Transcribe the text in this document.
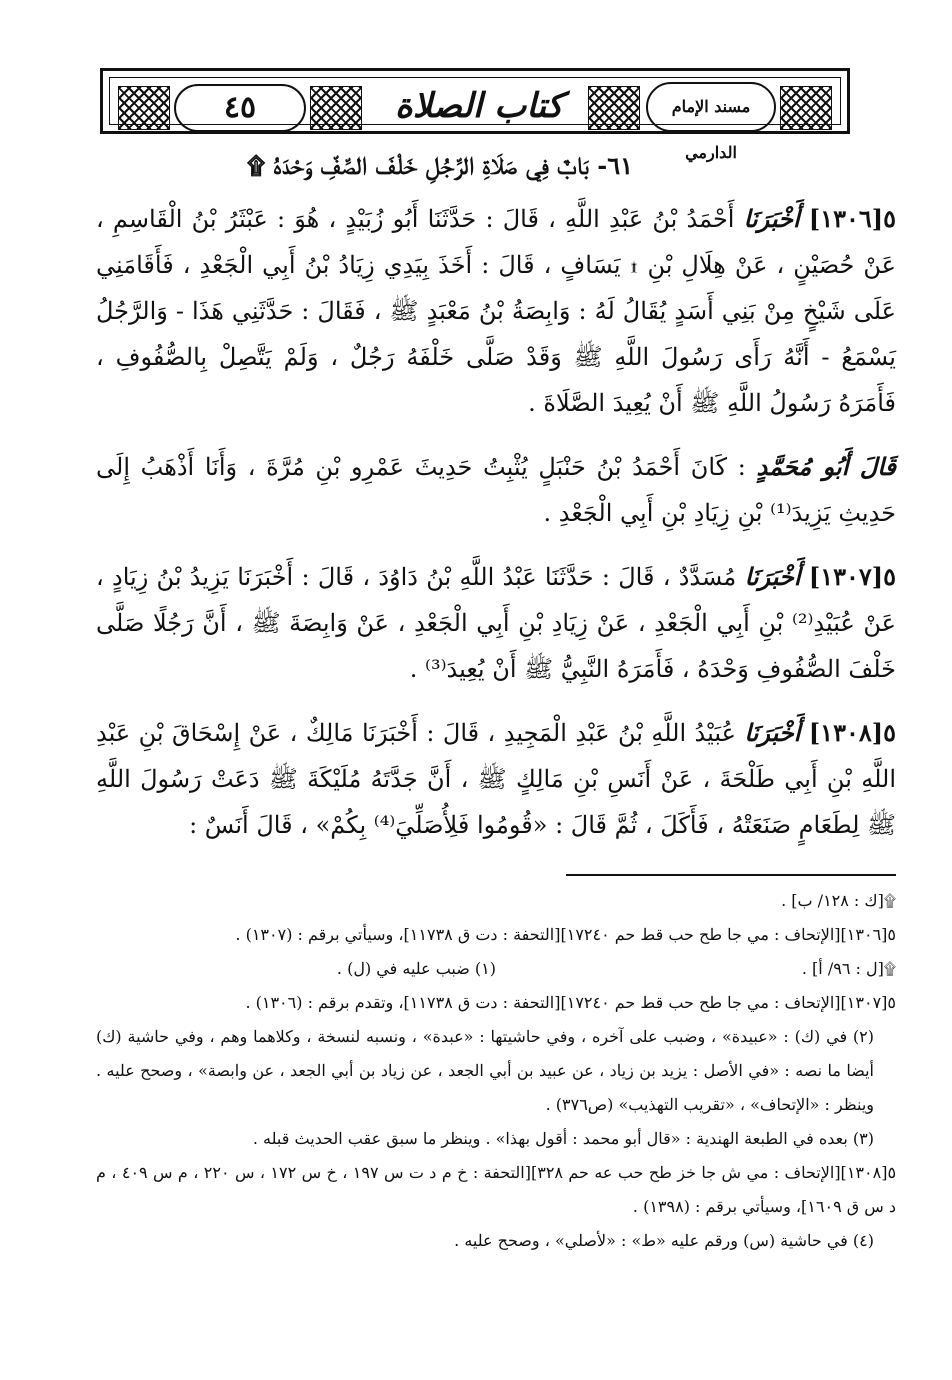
٤٥	كتاب الصلاة	مسند الإمام الدارمي
٦١- بَابٌ فِي صَلَاةِ الرَّجُلِ خَلْفَ الصَّفِّ وَحْدَهُ ۩

٥[١٣٠٦] أَخْبَرَنَا أَحْمَدُ بْنُ عَبْدِ اللَّهِ ، قَالَ : حَدَّثَنَا أَبُو زُبَيْدٍ ، هُوَ : عَبْثَرُ بْنُ الْقَاسِمِ ، عَنْ حُصَيْنٍ ، عَنْ هِلَالِ بْنِ ۩ يَسَافٍ ، قَالَ : أَخَذَ بِيَدِي زِيَادُ بْنُ أَبِي الْجَعْدِ ، فَأَقَامَنِي عَلَى شَيْخٍ مِنْ بَنِي أَسَدٍ يُقَالُ لَهُ : وَابِصَةُ بْنُ مَعْبَدٍ ﷺ ، فَقَالَ : حَدَّثَنِي هَذَا - وَالرَّجُلُ يَسْمَعُ - أَنَّهُ رَأَى رَسُولَ اللَّهِ ﷺ وَقَدْ صَلَّى خَلْفَهُ رَجُلٌ ، وَلَمْ يَتَّصِلْ بِالصُّفُوفِ ، فَأَمَرَهُ رَسُولُ اللَّهِ ﷺ أَنْ يُعِيدَ الصَّلَاةَ .

قَالَ أَبُو مُحَمَّدٍ : كَانَ أَحْمَدُ بْنُ حَنْبَلٍ يُثْبِتُ حَدِيثَ عَمْرِو بْنِ مُرَّةَ ، وَأَنَا أَذْهَبُ إِلَى حَدِيثِ يَزِيدَ⁽¹⁾ بْنِ زِيَادِ بْنِ أَبِي الْجَعْدِ .

٥[١٣٠٧] أَخْبَرَنَا مُسَدَّدٌ ، قَالَ : حَدَّثَنَا عَبْدُ اللَّهِ بْنُ دَاوُدَ ، قَالَ : أَخْبَرَنَا يَزِيدُ بْنُ زِيَادٍ ، عَنْ عُبَيْدِ⁽²⁾ بْنِ أَبِي الْجَعْدِ ، عَنْ زِيَادِ بْنِ أَبِي الْجَعْدِ ، عَنْ وَابِصَةَ ﷺ ، أَنَّ رَجُلًا صَلَّى خَلْفَ الصُّفُوفِ وَحْدَهُ ، فَأَمَرَهُ النَّبِيُّ ﷺ أَنْ يُعِيدَ⁽³⁾ .

٥[١٣٠٨] أَخْبَرَنَا عُبَيْدُ اللَّهِ بْنُ عَبْدِ الْمَجِيدِ ، قَالَ : أَخْبَرَنَا مَالِكٌ ، عَنْ إِسْحَاقَ بْنِ عَبْدِ اللَّهِ بْنِ أَبِي طَلْحَةَ ، عَنْ أَنَسِ بْنِ مَالِكٍ ﷺ ، أَنَّ جَدَّتَهُ مُلَيْكَةَ ﷺ دَعَتْ رَسُولَ اللَّهِ ﷺ لِطَعَامٍ صَنَعَتْهُ ، فَأَكَلَ ، ثُمَّ قَالَ : «قُومُوا فَلِأُصَلِّيَ⁽⁴⁾ بِكُمْ» ، قَالَ أَنَسٌ :

۩[ك : ١٢٨/ ب] .

٥[١٣٠٦][الإتحاف : مي جا طح حب قط حم ١٧٢٤٠][التحفة : دت ق ١١٧٣٨]، وسيأتي برقم : (١٣٠٧) .

۩[ل : ٩٦/ أ] .

(١) ضبب عليه في (ل) .

٥[١٣٠٧][الإتحاف : مي جا طح حب قط حم ١٧٢٤٠][التحفة : دت ق ١١٧٣٨]، وتقدم برقم : (١٣٠٦) .

(٢) في (ك) : «عبيدة» ، وضبب على آخره ، وفي حاشيتها : «عبدة» ، ونسبه لنسخة ، وكلاهما وهم ، وفي حاشية (ك) أيضا ما نصه : «في الأصل : يزيد بن زياد ، عن عبيد بن أبي الجعد ، عن زياد بن أبي الجعد ، عن وابصة» ، وصحح عليه . وينظر : «الإتحاف» ، «تقريب التهذيب» (ص٣٧٦) .

(٣) بعده في الطبعة الهندية : «قال أبو محمد : أقول بهذا» . وينظر ما سبق عقب الحديث قبله .

٥[١٣٠٨][الإتحاف : مي ش جا خز طح حب عه حم ٣٢٨][التحفة : خ م د ت س ١٩٧ ، خ س ١٧٢ ، س ٢٢٠ ، م س ٤٠٩ ، م د س ق ١٦٠٩]، وسيأتي برقم : (١٣٩٨) .

(٤) في حاشية (س) ورقم عليه «ط» : «لأصلي» ، وصحح عليه .
